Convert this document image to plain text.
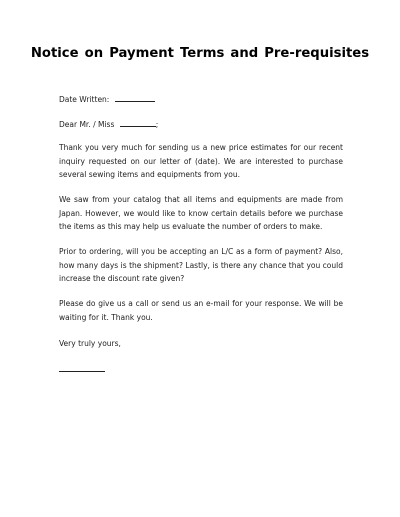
Notice on Payment Terms and Pre-requisites

Date Written:

Dear Mr. / Miss	;

Thank you very much for sending us a new price estimates for our recent inquiry requested on our letter of (date). We are interested to purchase several sewing items and equipments from you.

We saw from your catalog that all items and equipments are made from Japan. However, we would like to know certain details before we purchase the items as this may help us evaluate the number of orders to make.

Prior to ordering, will you be accepting an L/C as a form of payment? Also, how many days is the shipment? Lastly, is there any chance that you could increase the discount rate given?

Please do give us a call or send us an e-mail for your response. We will be waiting for it. Thank you.

Very truly yours,
